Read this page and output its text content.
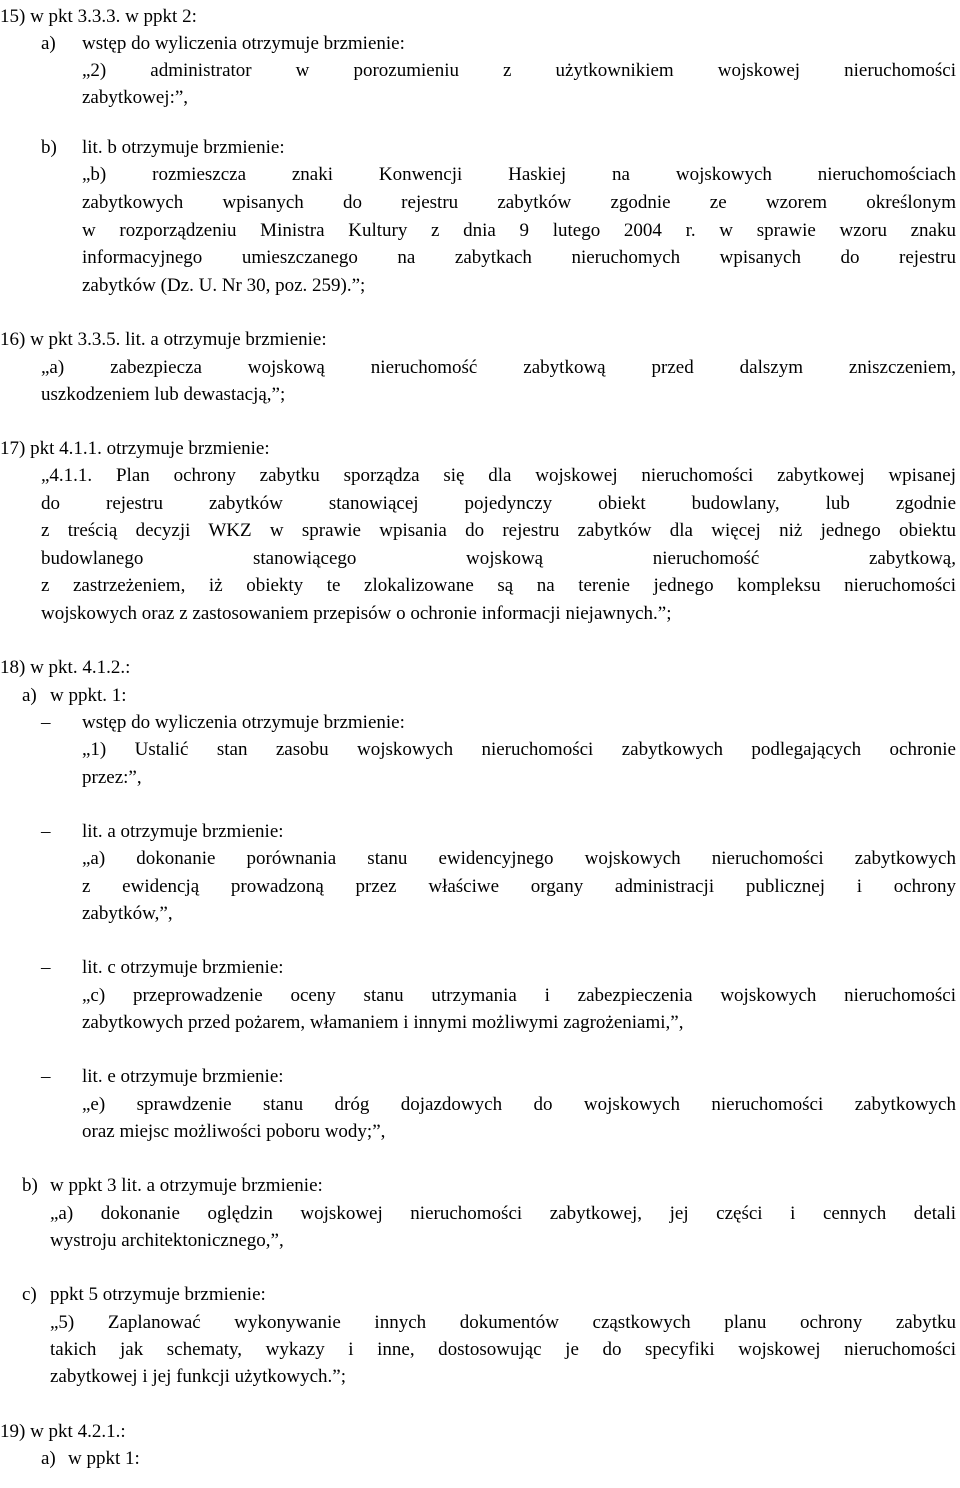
15) w pkt 3.3.3. w ppkt 2:
a) wstęp do wyliczenia otrzymuje brzmienie:
„2) administrator w porozumieniu z użytkownikiem wojskowej nieruchomości
zabytkowej:”,
b) lit. b otrzymuje brzmienie:
„b) rozmieszcza znaki Konwencji Haskiej na wojskowych nieruchomościach
zabytkowych wpisanych do rejestru zabytków zgodnie ze wzorem określonym
w rozporządzeniu Ministra Kultury z dnia 9 lutego 2004 r. w sprawie wzoru znaku
informacyjnego umieszczanego na zabytkach nieruchomych wpisanych do rejestru
zabytków (Dz. U. Nr 30, poz. 259).”;
16) w pkt 3.3.5. lit. a otrzymuje brzmienie:
„a) zabezpiecza wojskową nieruchomość zabytkową przed dalszym zniszczeniem,
uszkodzeniem lub dewastacją,”;
17) pkt 4.1.1. otrzymuje brzmienie:
„4.1.1. Plan ochrony zabytku sporządza się dla wojskowej nieruchomości zabytkowej wpisanej
do rejestru zabytków stanowiącej pojedynczy obiekt budowlany, lub zgodnie
z treścią decyzji WKZ w sprawie wpisania do rejestru zabytków dla więcej niż jednego obiektu
budowlanego stanowiącego wojskową nieruchomość zabytkową,
z zastrzeżeniem, iż obiekty te zlokalizowane są na terenie jednego kompleksu nieruchomości
wojskowych oraz z zastosowaniem przepisów o ochronie informacji niejawnych.”;
18) w pkt. 4.1.2.:
a) w ppkt. 1:
– wstęp do wyliczenia otrzymuje brzmienie:
„1) Ustalić stan zasobu wojskowych nieruchomości zabytkowych podlegających ochronie
przez:”,
– lit. a otrzymuje brzmienie:
„a) dokonanie porównania stanu ewidencyjnego wojskowych nieruchomości zabytkowych
z ewidencją prowadzoną przez właściwe organy administracji publicznej i ochrony
zabytków,”,
– lit. c otrzymuje brzmienie:
„c) przeprowadzenie oceny stanu utrzymania i zabezpieczenia wojskowych nieruchomości
zabytkowych przed pożarem, włamaniem i innymi możliwymi zagrożeniami,”,
– lit. e otrzymuje brzmienie:
„e) sprawdzenie stanu dróg dojazdowych do wojskowych nieruchomości zabytkowych
oraz miejsc możliwości poboru wody;”,
b) w ppkt 3 lit. a otrzymuje brzmienie:
„a) dokonanie oględzin wojskowej nieruchomości zabytkowej, jej części i cennych detali
wystroju architektonicznego,”,
c) ppkt 5 otrzymuje brzmienie:
„5) Zaplanować wykonywanie innych dokumentów cząstkowych planu ochrony zabytku
takich jak schematy, wykazy i inne, dostosowując je do specyfiki wojskowej nieruchomości
zabytkowej i jej funkcji użytkowych.”;
19) w pkt 4.2.1.:
a) w ppkt 1:
